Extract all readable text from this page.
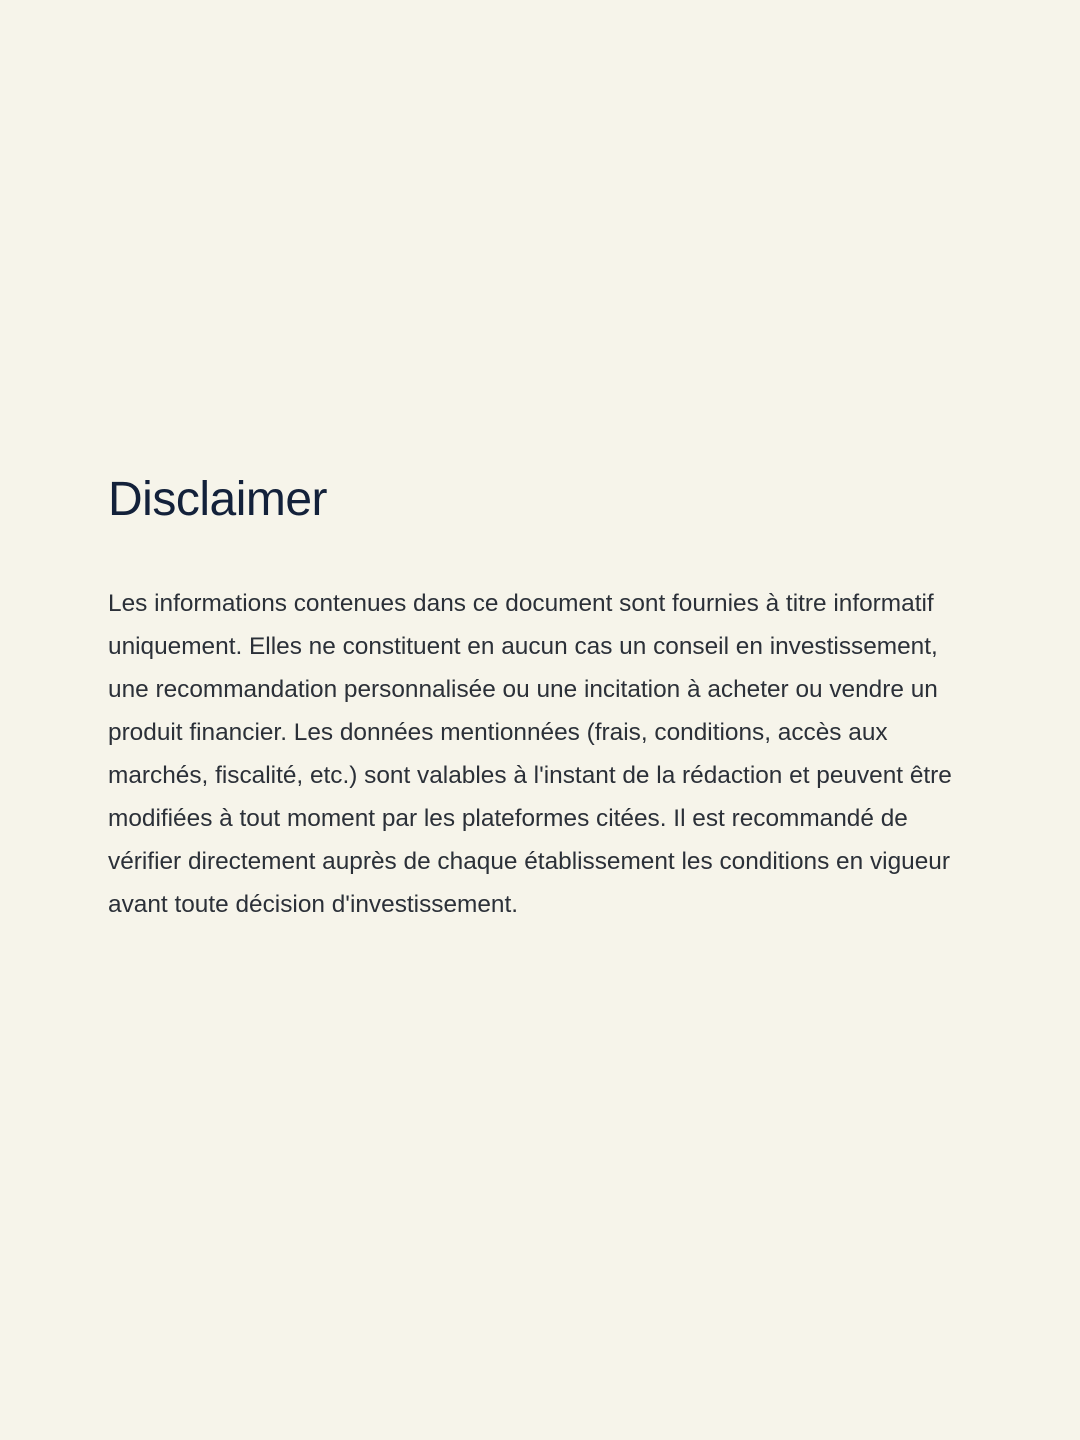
Disclaimer

Les informations contenues dans ce document sont fournies à titre informatif uniquement. Elles ne constituent en aucun cas un conseil en investissement, une recommandation personnalisée ou une incitation à acheter ou vendre un produit financier. Les données mentionnées (frais, conditions, accès aux marchés, fiscalité, etc.) sont valables à l'instant de la rédaction et peuvent être modifiées à tout moment par les plateformes citées. Il est recommandé de vérifier directement auprès de chaque établissement les conditions en vigueur avant toute décision d'investissement.
